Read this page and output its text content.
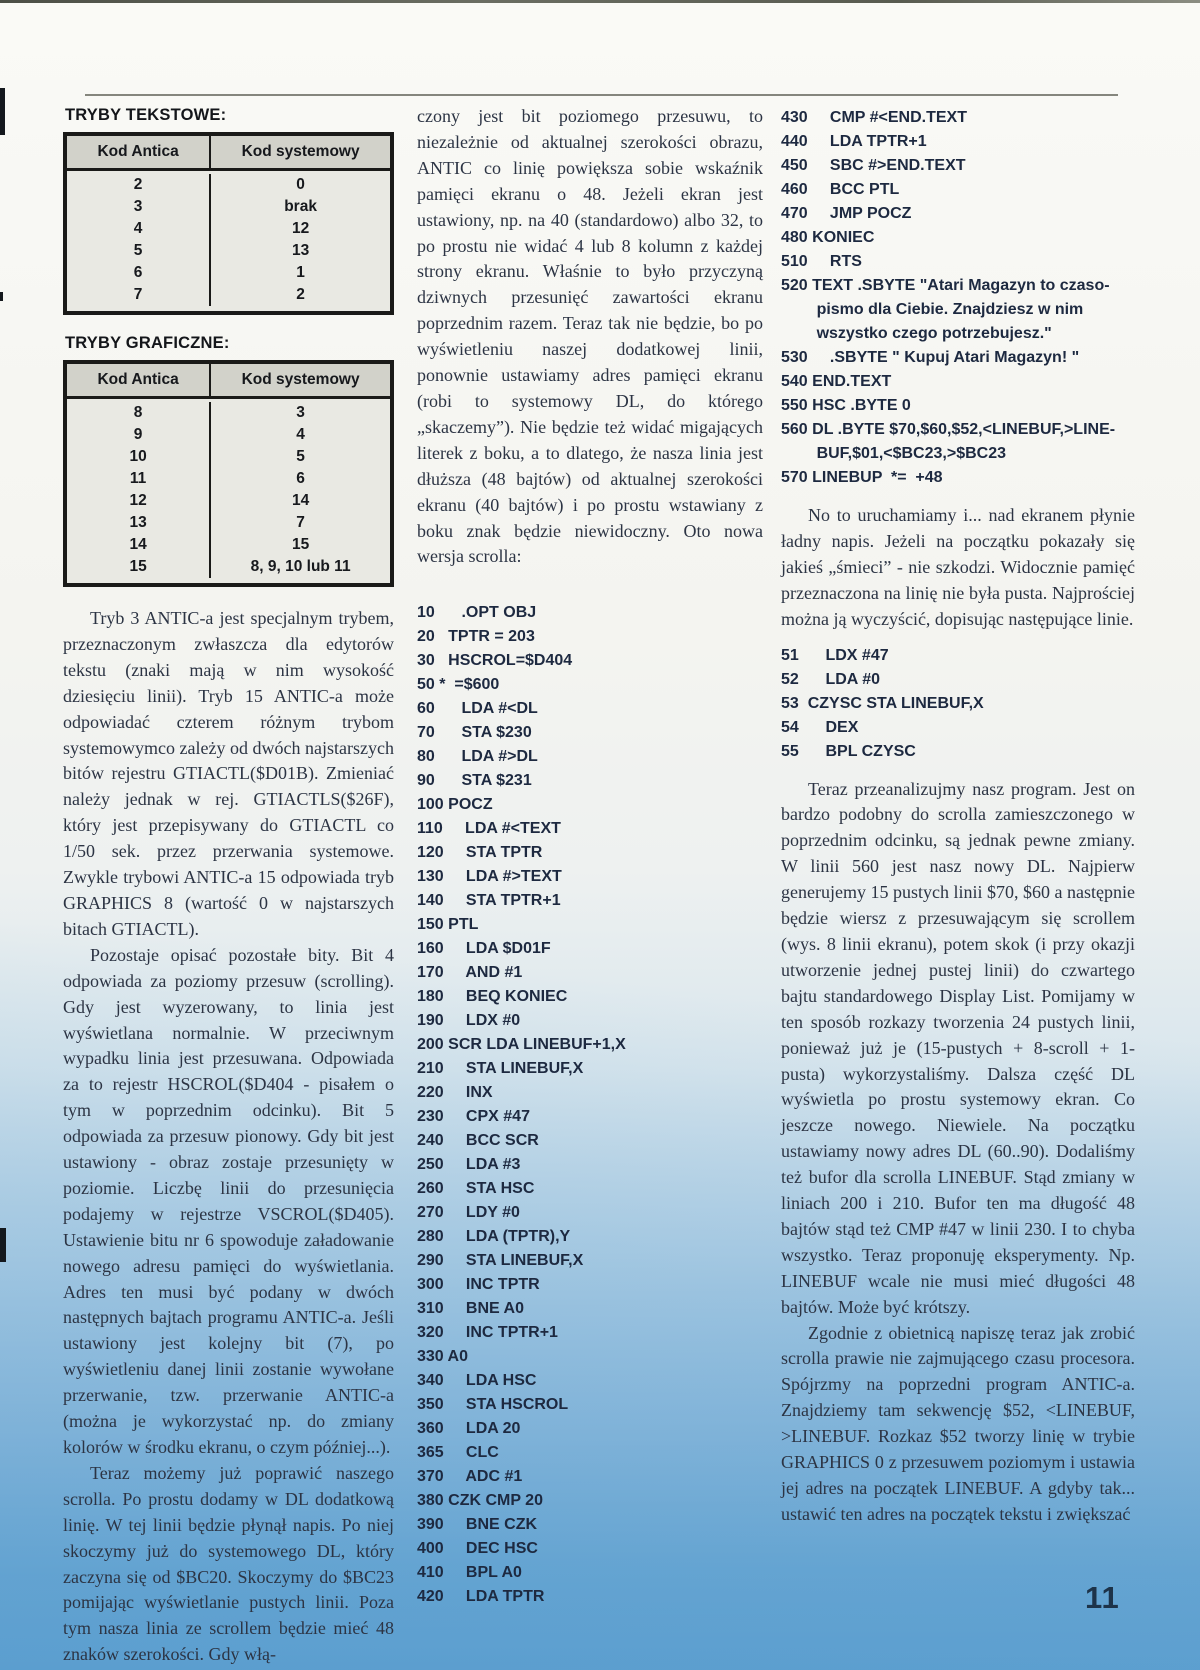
TRYBY TEKSTOWE:
Kod Antica	Kod systemowy
2	0
3	brak
4	12
5	13
6	1
7	2
TRYBY GRAFICZNE:
Kod Antica	Kod systemowy
8	3
9	4
10	5
11	6
12	14
13	7
14	15
15	8, 9, 10 lub 11

Tryb 3 ANTIC-a jest specjalnym trybem, przeznaczonym zwłaszcza dla edytorów tekstu (znaki mają w nim wysokość dziesięciu linii). Tryb 15 ANTIC-a może odpowiadać czterem różnym trybom systemowymco zależy od dwóch najstarszych bitów rejestru GTIACTL($D01B). Zmieniać należy jednak w rej. GTIACTLS($26F), który jest przepisywany do GTIACTL co 1/50 sek. przez przerwania systemowe. Zwykle trybowi ANTIC-a 15 odpowiada tryb GRAPHICS 8 (wartość 0 w najstarszych bitach GTIACTL).

Pozostaje opisać pozostałe bity. Bit 4 odpowiada za poziomy przesuw (scrolling). Gdy jest wyzerowany, to linia jest wyświetlana normalnie. W przeciwnym wypadku linia jest przesuwana. Odpowiada za to rejestr HSCROL($D404 - pisałem o tym w poprzednim odcinku). Bit 5 odpowiada za przesuw pionowy. Gdy bit jest ustawiony - obraz zostaje przesunięty w poziomie. Liczbę linii do przesunięcia podajemy w rejestrze VSCROL($D405). Ustawienie bitu nr 6 spowoduje załadowanie nowego adresu pamięci do wyświetlania. Adres ten musi być podany w dwóch następnych bajtach programu ANTIC-a. Jeśli ustawiony jest kolejny bit (7), po wyświetleniu danej linii zostanie wywołane przerwanie, tzw. przerwanie ANTIC-a (można je wykorzystać np. do zmiany kolorów w środku ekranu, o czym później...).

Teraz możemy już poprawić naszego scrolla. Po prostu dodamy w DL dodatkową linię. W tej linii będzie płynął napis. Po niej skoczymy już do systemowego DL, który zaczyna się od $BC20. Skoczymy do $BC23 pomijając wyświetlanie pustych linii. Poza tym nasza linia ze scrollem będzie mieć 48 znaków szerokości. Gdy włą-

czony jest bit poziomego przesuwu, to niezależnie od aktualnej szerokości obrazu, ANTIC co linię powiększa sobie wskaźnik pamięci ekranu o 48. Jeżeli ekran jest ustawiony, np. na 40 (standardowo) albo 32, to po prostu nie widać 4 lub 8 kolumn z każdej strony ekranu. Właśnie to było przyczyną dziwnych przesunięć zawartości ekranu poprzednim razem. Teraz tak nie będzie, bo po wyświetleniu naszej dodatkowej linii, ponownie ustawiamy adres pamięci ekranu (robi to systemowy DL, do którego „skaczemy”). Nie będzie też widać migających literek z boku, a to dlatego, że nasza linia jest dłuższa (48 bajtów) od aktualnej szerokości ekranu (40 bajtów) i po prostu wstawiany z boku znak będzie niewidoczny. Oto nowa wersja scrolla:

10      .OPT OBJ
20   TPTR = 203
30   HSCROL=$D404
50 *  =$600
60      LDA #<DL
70      STA $230
80      LDA #>DL
90      STA $231
100 POCZ
110     LDA #<TEXT
120     STA TPTR
130     LDA #>TEXT
140     STA TPTR+1
150 PTL
160     LDA $D01F
170     AND #1
180     BEQ KONIEC
190     LDX #0
200 SCR LDA LINEBUF+1,X
210     STA LINEBUF,X
220     INX
230     CPX #47
240     BCC SCR
250     LDA #3
260     STA HSC
270     LDY #0
280     LDA (TPTR),Y
290     STA LINEBUF,X
300     INC TPTR
310     BNE A0
320     INC TPTR+1
330 A0
340     LDA HSC
350     STA HSCROL
360     LDA 20
365     CLC
370     ADC #1
380 CZK CMP 20
390     BNE CZK
400     DEC HSC
410     BPL A0
420     LDA TPTR
430     CMP #<END.TEXT
440     LDA TPTR+1
450     SBC #>END.TEXT
460     BCC PTL
470     JMP POCZ
480 KONIEC
510     RTS
520 TEXT .SBYTE "Atari Magazyn to czaso-
pismo dla Ciebie. Znajdziesz w nim
wszystko czego potrzebujesz."
530     .SBYTE " Kupuj Atari Magazyn! "
540 END.TEXT
550 HSC .BYTE 0
560 DL .BYTE $70,$60,$52,<LINEBUF,>LINE-
BUF,$01,<$BC23,>$BC23
570 LINEBUP  *=  +48

No to uruchamiamy i... nad ekranem płynie ładny napis. Jeżeli na początku pokazały się jakieś „śmieci” - nie szkodzi. Widocznie pamięć przeznaczona na linię nie była pusta. Najprościej można ją wyczyścić, dopisując następujące linie.

51      LDX #47
52      LDA #0
53  CZYSC STA LINEBUF,X
54      DEX
55      BPL CZYSC

Teraz przeanalizujmy nasz program. Jest on bardzo podobny do scrolla zamieszczonego w poprzednim odcinku, są jednak pewne zmiany. W linii 560 jest nasz nowy DL. Najpierw generujemy 15 pustych linii $70, $60 a następnie będzie wiersz z przesuwającym się scrollem (wys. 8 linii ekranu), potem skok (i przy okazji utworzenie jednej pustej linii) do czwartego bajtu standardowego Display List. Pomijamy w ten sposób rozkazy tworzenia 24 pustych linii, ponieważ już je (15-pustych + 8-scroll + 1-pusta) wykorzystaliśmy. Dalsza część DL wyświetla po prostu systemowy ekran. Co jeszcze nowego. Niewiele. Na początku ustawiamy nowy adres DL (60..90). Dodaliśmy też bufor dla scrolla LINEBUF. Stąd zmiany w liniach 200 i 210. Bufor ten ma długość 48 bajtów stąd też CMP #47 w linii 230. I to chyba wszystko. Teraz proponuję eksperymenty. Np. LINEBUF wcale nie musi mieć długości 48 bajtów. Może być krótszy.

Zgodnie z obietnicą napiszę teraz jak zrobić scrolla prawie nie zajmującego czasu procesora. Spójrzmy na poprzedni program ANTIC-a. Znajdziemy tam sekwencję $52, <LINEBUF, >LINEBUF. Rozkaz $52 tworzy linię w trybie GRAPHICS 0 z przesuwem poziomym i ustawia jej adres na początek LINEBUF. A gdyby tak... ustawić ten adres na początek tekstu i zwiększać

11
